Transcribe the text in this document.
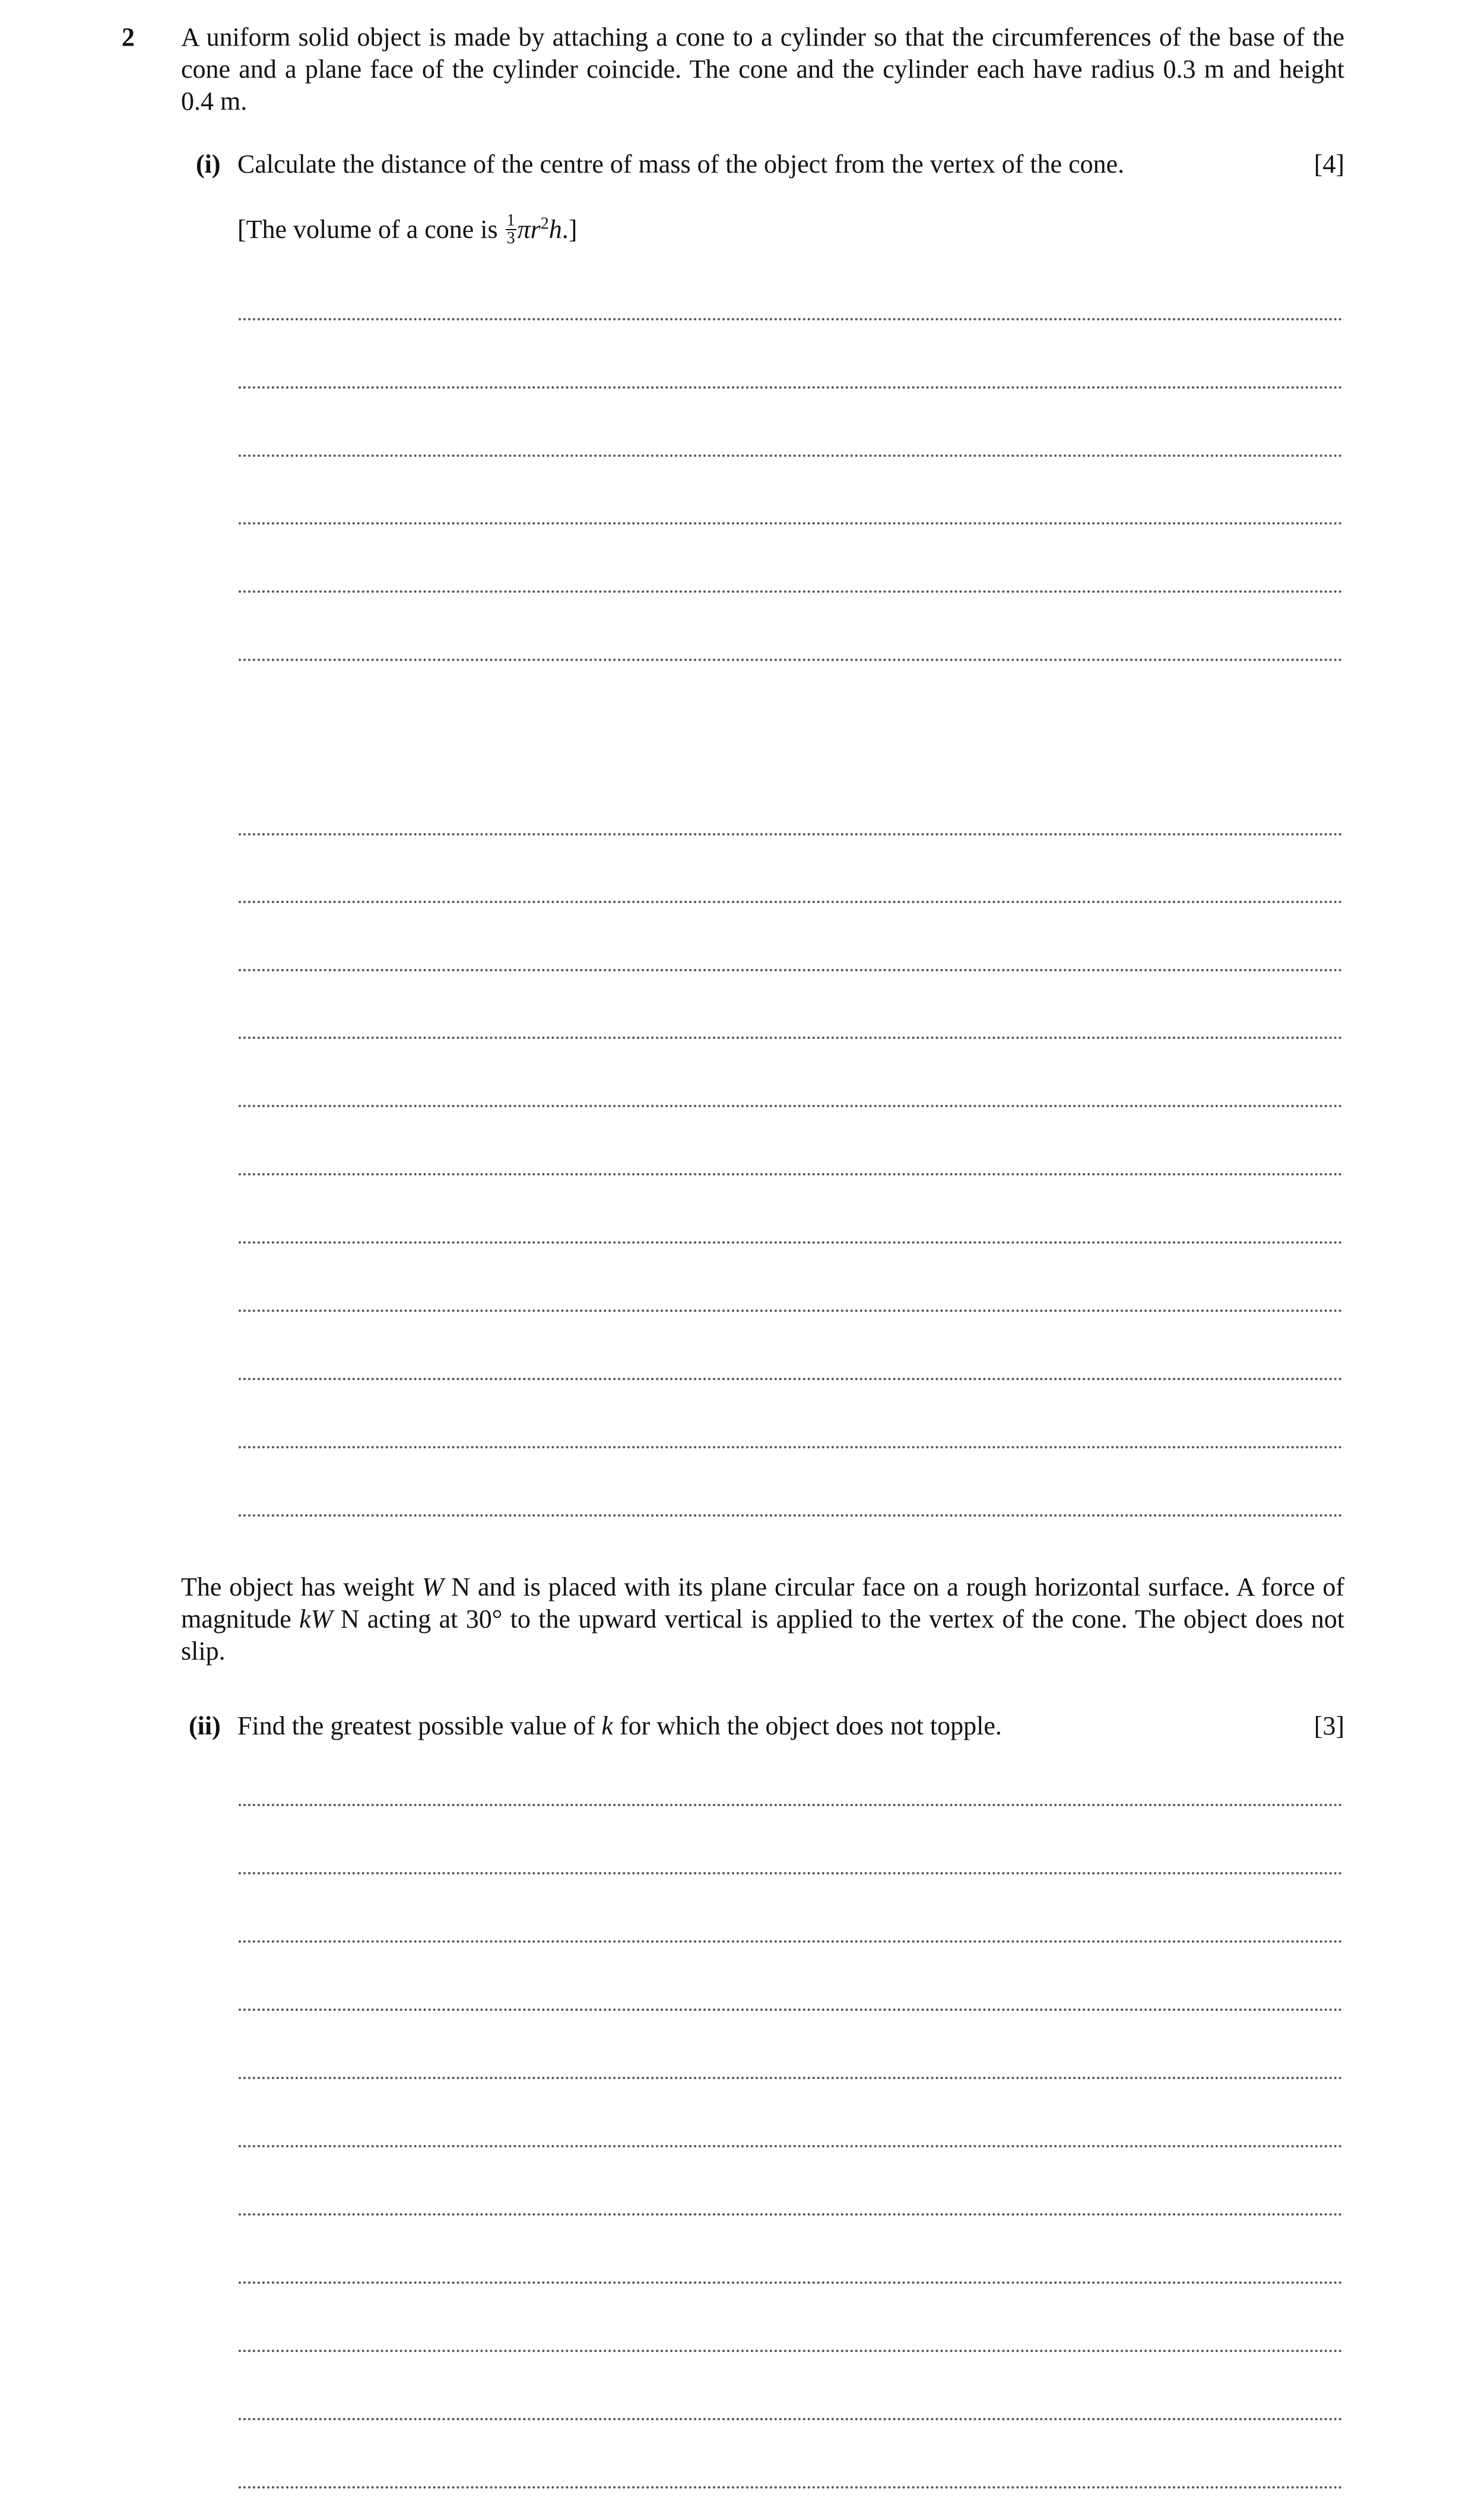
2 A uniform solid object is made by attaching a cone to a cylinder so that the circumferences of the base of the cone and a plane face of the cylinder coincide. The cone and the cylinder each have radius 0.3 m and height 0.4 m.
(i) Calculate the distance of the centre of mass of the object from the vertex of the cone.	[4]
[The volume of a cone is $\frac{1}{3} \pi r^2h$.]
The object has weight W N and is placed with its plane circular face on a rough horizontal surface. A force of magnitude kW N acting at 30° to the upward vertical is applied to the vertex of the cone. The object does not slip.
(ii) Find the greatest possible value of k for which the object does not topple.	[3]
